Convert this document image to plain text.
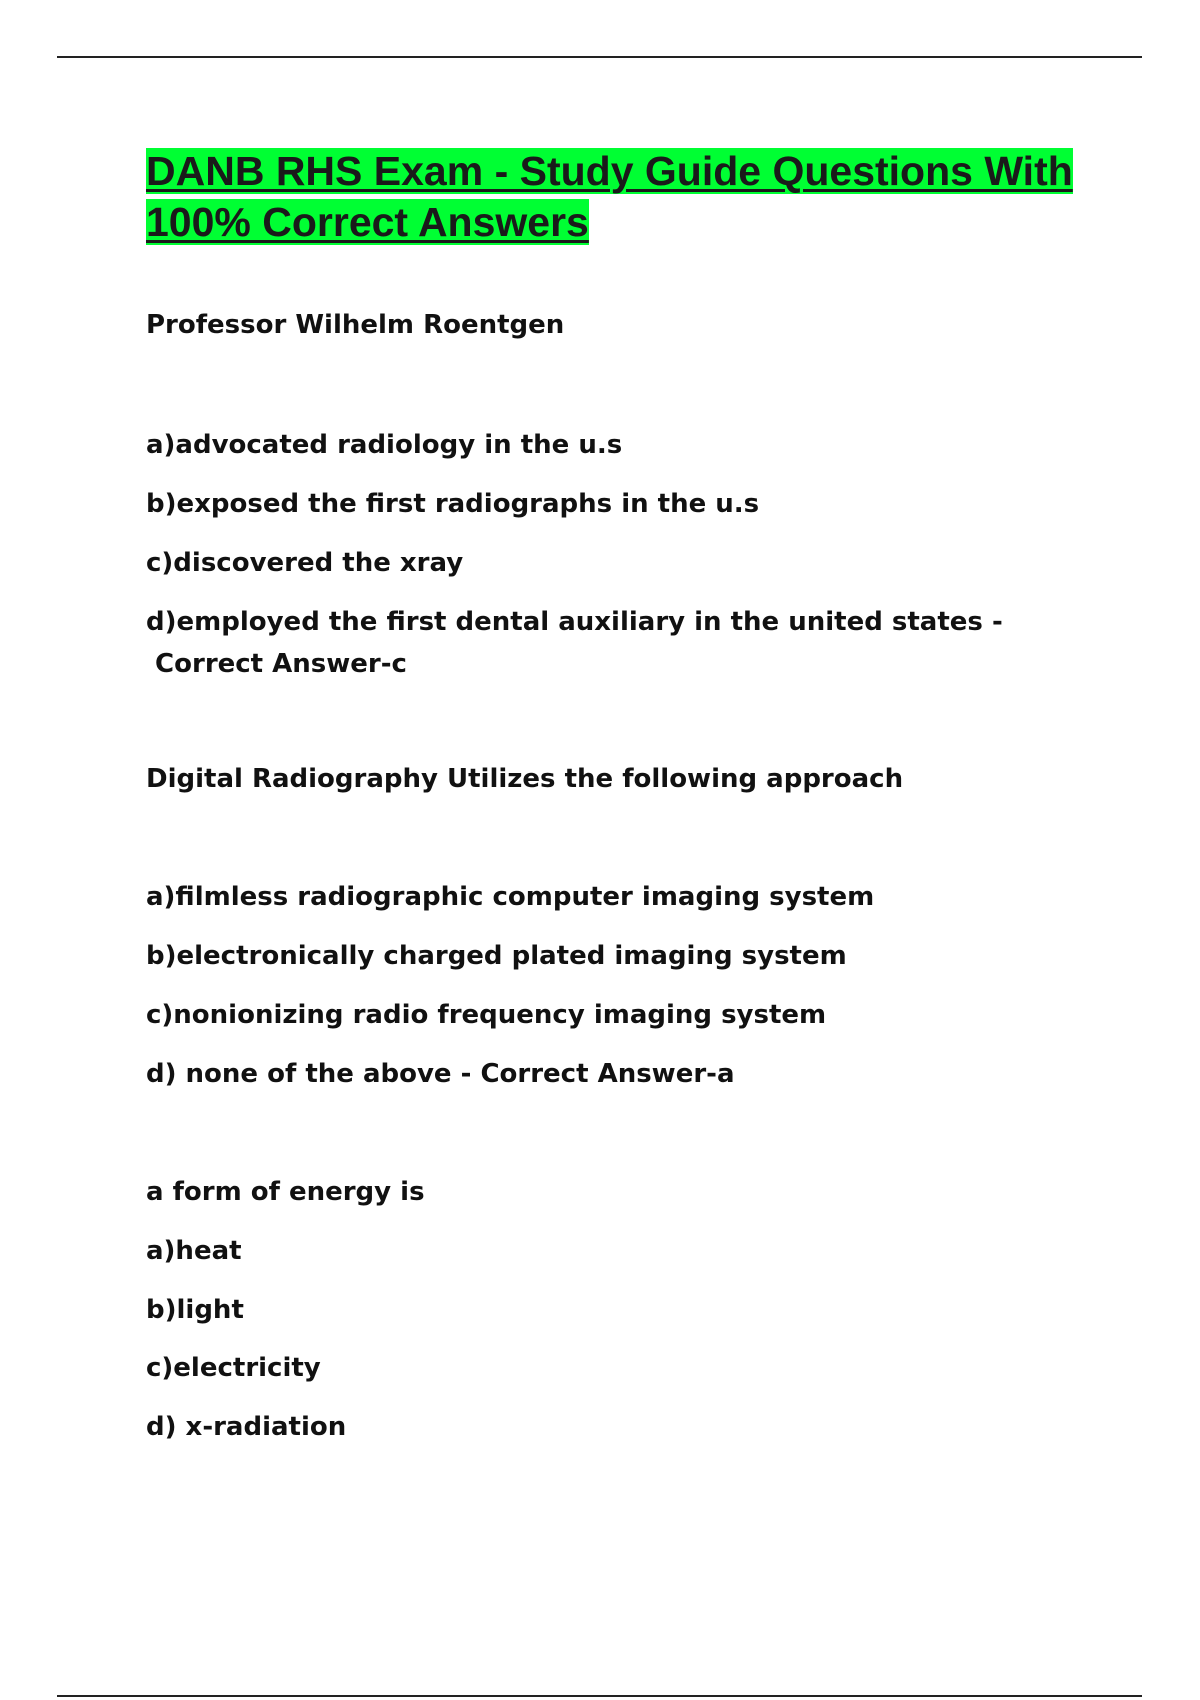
DANB RHS Exam - Study Guide Questions With 100% Correct Answers
Professor Wilhelm Roentgen
a)advocated radiology in the u.s
b)exposed the first radiographs in the u.s
c)discovered the xray
d)employed the first dental auxiliary in the united states -
Correct Answer-c
Digital Radiography Utilizes the following approach
a)filmless radiographic computer imaging system
b)electronically charged plated imaging system
c)nonionizing radio frequency imaging system
d) none of the above - Correct Answer-a
a form of energy is
a)heat
b)light
c)electricity
d) x-radiation
